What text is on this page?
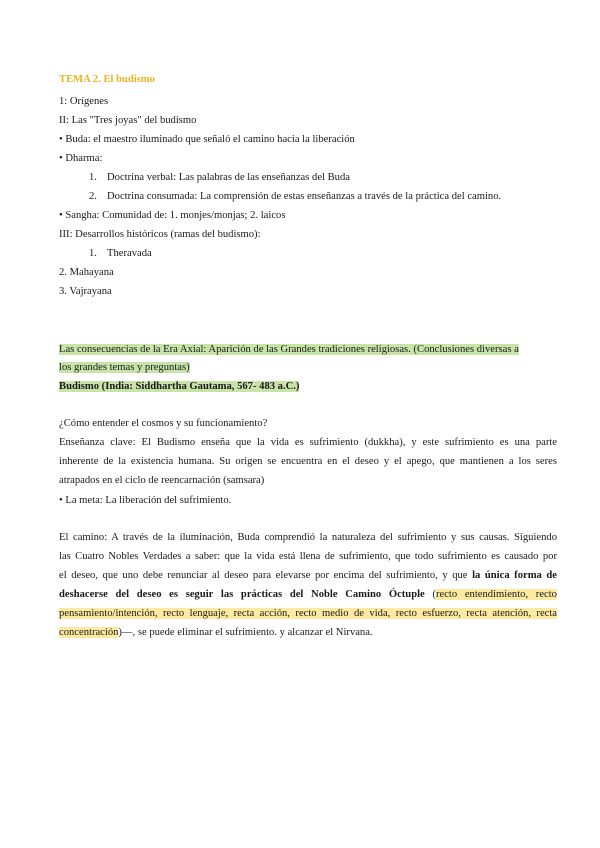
TEMA 2. El budismo
1: Orígenes
II: Las "Tres joyas" del budismo
• Buda: el maestro iluminado que señaló el camino hacia la liberación
• Dharma:
1. Doctrina verbal: Las palabras de las enseñanzas del Buda
2. Doctrina consumada: La comprensión de estas enseñanzas a través de la práctica del camino.
• Sangha: Comunidad de: 1. monjes/monjas; 2. laicos
III: Desarrollos históricos (ramas del budismo):
1. Theravada
2. Mahayana
3. Vajrayana
Las consecuencias de la Era Axial: Aparición de las Grandes tradiciones religiosas. (Conclusiones diversas a
los grandes temas y preguntas)
Budismo (India: Siddhartha Gautama, 567- 483 a.C.)
¿Cómo entender el cosmos y su funcionamiento?
Enseñanza clave: El Budismo enseña que la vida es sufrimiento (dukkha), y este sufrimiento es una parte
inherente de la existencia humana. Su origen se encuentra en el deseo y el apego, que mantienen a los seres
atrapados en el ciclo de reencarnación (samsara)
• La meta: La liberación del sufrimiento.
El camino: A través de la iluminación, Buda comprendió la naturaleza del sufrimiento y sus causas. Siguiendo
las Cuatro Nobles Verdades a saber: que la vida está llena de sufrimiento, que todo sufrimiento es causado por
el deseo, que uno debe renunciar al deseo para elevarse por encima del sufrimiento, y que la única forma de
deshacerse del deseo es seguir las prácticas del Noble Camino Óctuple (recto entendimiento, recto
pensamiento/intención, recto lenguaje, recta acción, recto medio de vida, recto esfuerzo, recta atención, recta
concentración)—, se puede eliminar el sufrimiento. y alcanzar el Nirvana.
